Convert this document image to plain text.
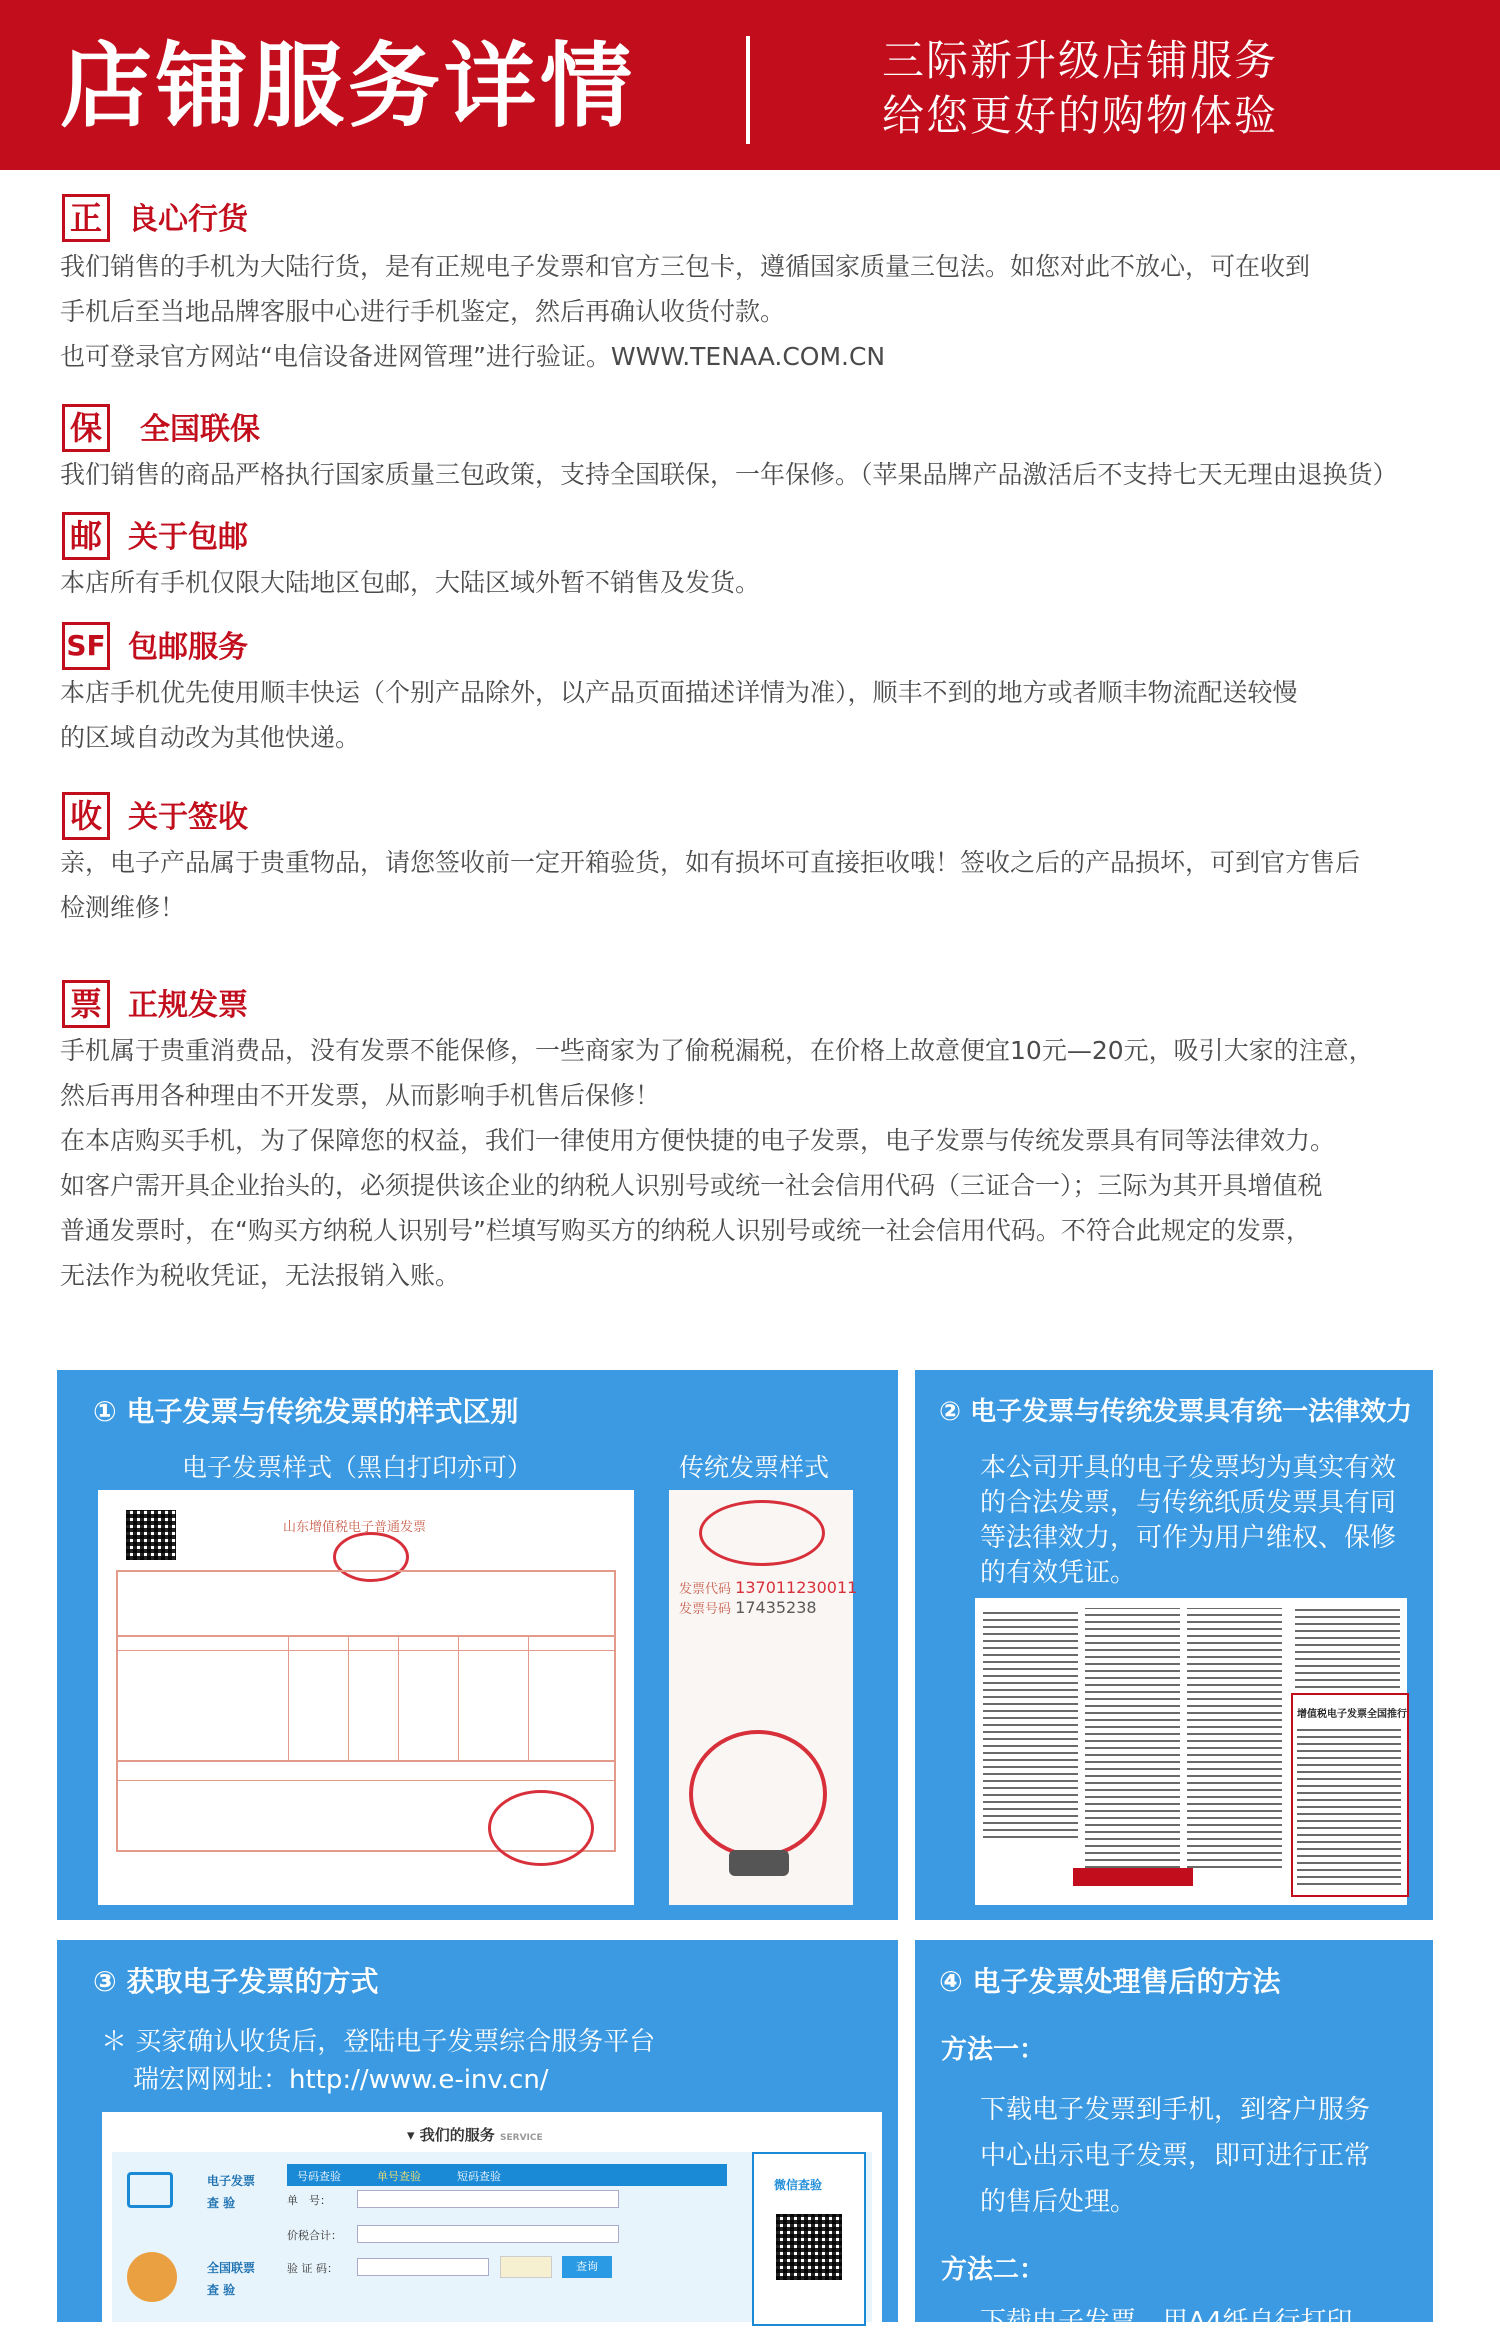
店铺服务详情	三际新升级店铺服务
给您更好的购物体验
正 良心行货

我们销售的手机为大陆行货，是有正规电子发票和官方三包卡，遵循国家质量三包法。如您对此不放心，可在收到

手机后至当地品牌客服中心进行手机鉴定，然后再确认收货付款。

也可登录官方网站“电信设备进网管理”进行验证。WWW.TENAA.COM.CN

保 全国联保

我们销售的商品严格执行国家质量三包政策，支持全国联保，一年保修。（苹果品牌产品激活后不支持七天无理由退换货）

邮 关于包邮

本店所有手机仅限大陆地区包邮，大陆区域外暂不销售及发货。

SF 包邮服务

本店手机优先使用顺丰快运（个别产品除外，以产品页面描述详情为准），顺丰不到的地方或者顺丰物流配送较慢

的区域自动改为其他快递。

收 关于签收

亲，电子产品属于贵重物品，请您签收前一定开箱验货，如有损坏可直接拒收哦！签收之后的产品损坏，可到官方售后

检测维修！

票 正规发票

手机属于贵重消费品，没有发票不能保修，一些商家为了偷税漏税，在价格上故意便宜10元—20元，吸引大家的注意，

然后再用各种理由不开发票，从而影响手机售后保修！

在本店购买手机，为了保障您的权益，我们一律使用方便快捷的电子发票，电子发票与传统发票具有同等法律效力。

如客户需开具企业抬头的，必须提供该企业的纳税人识别号或统一社会信用代码（三证合一）；三际为其开具增值税

普通发票时，在“购买方纳税人识别号”栏填写购买方的纳税人识别号或统一社会信用代码。不符合此规定的发票，

无法作为税收凭证，无法报销入账。

① 电子发票与传统发票的样式区别
电子发票样式（黑白打印亦可）	传统发票样式
山东增值税电子普通发票
发票代码 137011230011
发票号码 17435238
② 电子发票与传统发票具有统一法律效力
本公司开具的电子发票均为真实有效
的合法发票，与传统纸质发票具有同
等法律效力，可作为用户维权、保修
的有效凭证。
增值税电子发票全国推行
③ 获取电子发票的方式
＊ 买家确认收货后，登陆电子发票综合服务平台
瑞宏网网址：http://www.e-inv.cn/
▾ 我们的服务 SERVICE
电子发票 查 验
全国联票 查 验
号码查验	单号查验	短码查验
单　号：
价税合计：
验 证 码：	查询
微信查验
④ 电子发票处理售后的方法
方法一：
下载电子发票到手机，到客户服务
中心出示电子发票，即可进行正常
的售后处理。
方法二：
下载电子发票，用A4纸自行打印
